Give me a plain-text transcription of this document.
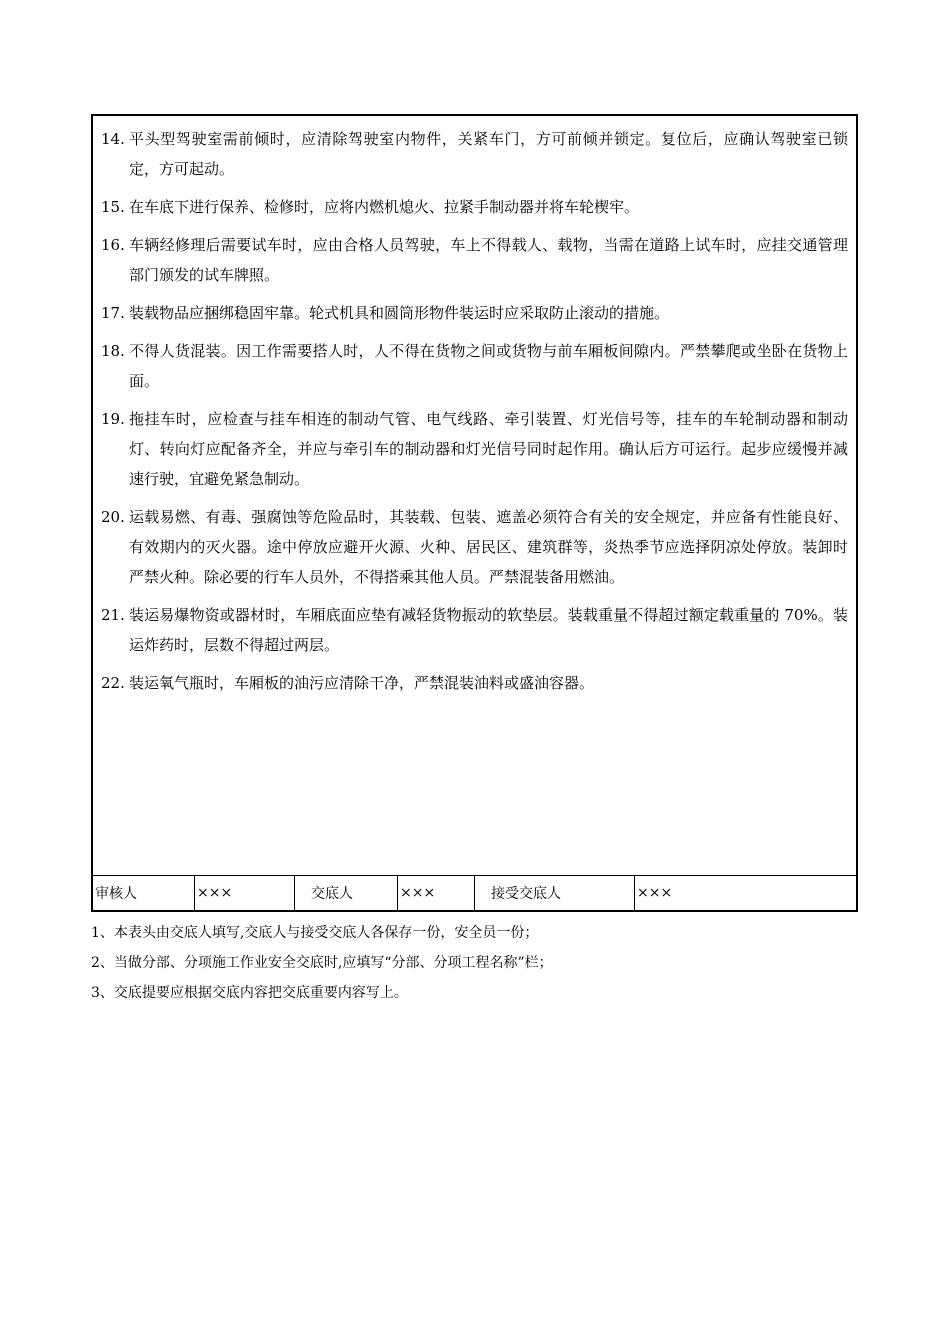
14. 平头型驾驶室需前倾时，应清除驾驶室内物件，关紧车门，方可前倾并锁定。复位后，应确认驾驶室已锁定，方可起动。
15. 在车底下进行保养、检修时，应将内燃机熄火、拉紧手制动器并将车轮楔牢。
16. 车辆经修理后需要试车时，应由合格人员驾驶，车上不得载人、载物，当需在道路上试车时，应挂交通管理部门颁发的试车牌照。
17. 装载物品应捆绑稳固牢靠。轮式机具和圆筒形物件装运时应采取防止滚动的措施。
18. 不得人货混装。因工作需要搭人时，人不得在货物之间或货物与前车厢板间隙内。严禁攀爬或坐卧在货物上面。
19. 拖挂车时，应检查与挂车相连的制动气管、电气线路、牵引装置、灯光信号等，挂车的车轮制动器和制动灯、转向灯应配备齐全，并应与牵引车的制动器和灯光信号同时起作用。确认后方可运行。起步应缓慢并减速行驶，宜避免紧急制动。
20. 运载易燃、有毒、强腐蚀等危险品时，其装载、包装、遮盖必须符合有关的安全规定，并应备有性能良好、有效期内的灭火器。途中停放应避开火源、火种、居民区、建筑群等，炎热季节应选择阴凉处停放。装卸时严禁火种。除必要的行车人员外，不得搭乘其他人员。严禁混装备用燃油。
21. 装运易爆物资或器材时，车厢底面应垫有减轻货物振动的软垫层。装载重量不得超过额定载重量的 70%。装运炸药时，层数不得超过两层。
22. 装运氧气瓶时，车厢板的油污应清除干净，严禁混装油料或盛油容器。
审核人	×××	交底人	×××	接受交底人	×××
1、本表头由交底人填写,交底人与接受交底人各保存一份，安全员一份；
2、当做分部、分项施工作业安全交底时,应填写“分部、分项工程名称”栏；
3、交底提要应根据交底内容把交底重要内容写上。
